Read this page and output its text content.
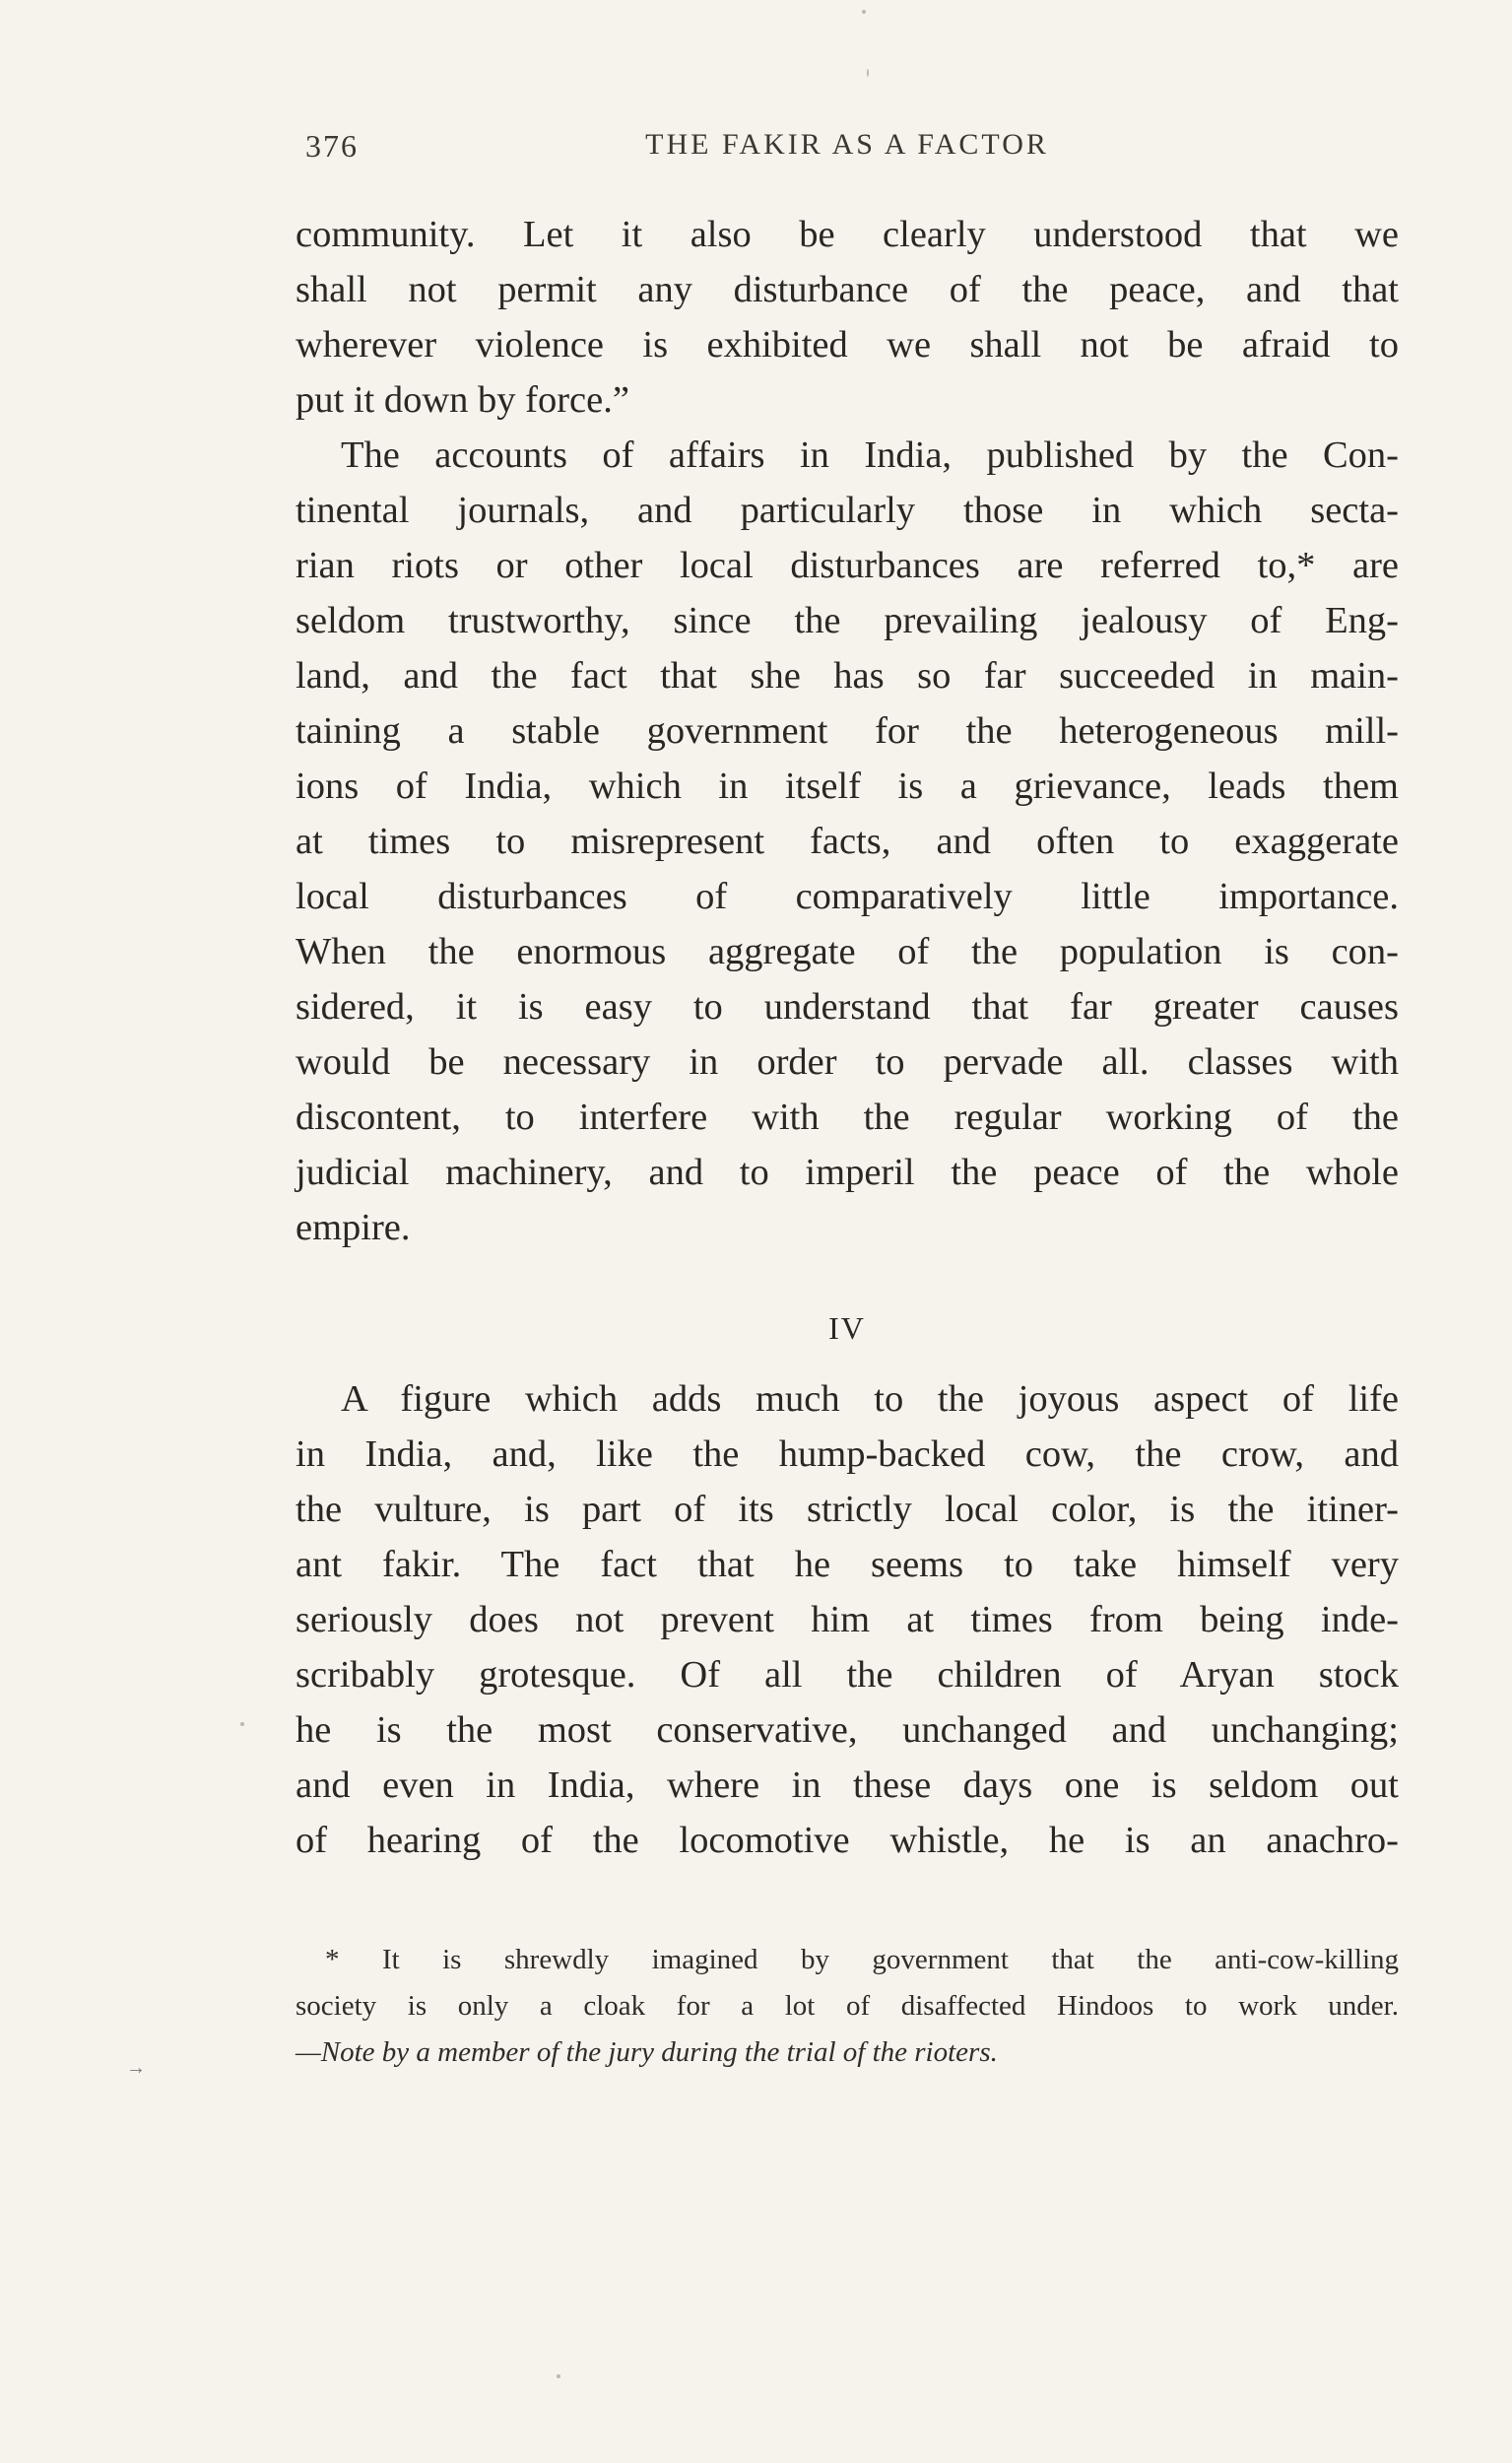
376	THE FAKIR AS A FACTOR
community. Let it also be clearly understood that we
shall not permit any disturbance of the peace, and that
wherever violence is exhibited we shall not be afraid to
put it down by force.”
The accounts of affairs in India, published by the Con-
tinental journals, and particularly those in which secta-
rian riots or other local disturbances are referred to,* are
seldom trustworthy, since the prevailing jealousy of Eng-
land, and the fact that she has so far succeeded in main-
taining a stable government for the heterogeneous mill-
ions of India, which in itself is a grievance, leads them
at times to misrepresent facts, and often to exaggerate
local disturbances of comparatively little importance.
When the enormous aggregate of the population is con-
sidered, it is easy to understand that far greater causes
would be necessary in order to pervade all. classes with
discontent, to interfere with the regular working of the
judicial machinery, and to imperil the peace of the whole
empire.
IV
A figure which adds much to the joyous aspect of life
in India, and, like the hump-backed cow, the crow, and
the vulture, is part of its strictly local color, is the itiner-
ant fakir. The fact that he seems to take himself very
seriously does not prevent him at times from being inde-
scribably grotesque. Of all the children of Aryan stock
he is the most conservative, unchanged and unchanging;
and even in India, where in these days one is seldom out
of hearing of the locomotive whistle, he is an anachro-
* It is shrewdly imagined by government that the anti-cow-killing
society is only a cloak for a lot of disaffected Hindoos to work under.
—Note by a member of the jury during the trial of the rioters.
→
